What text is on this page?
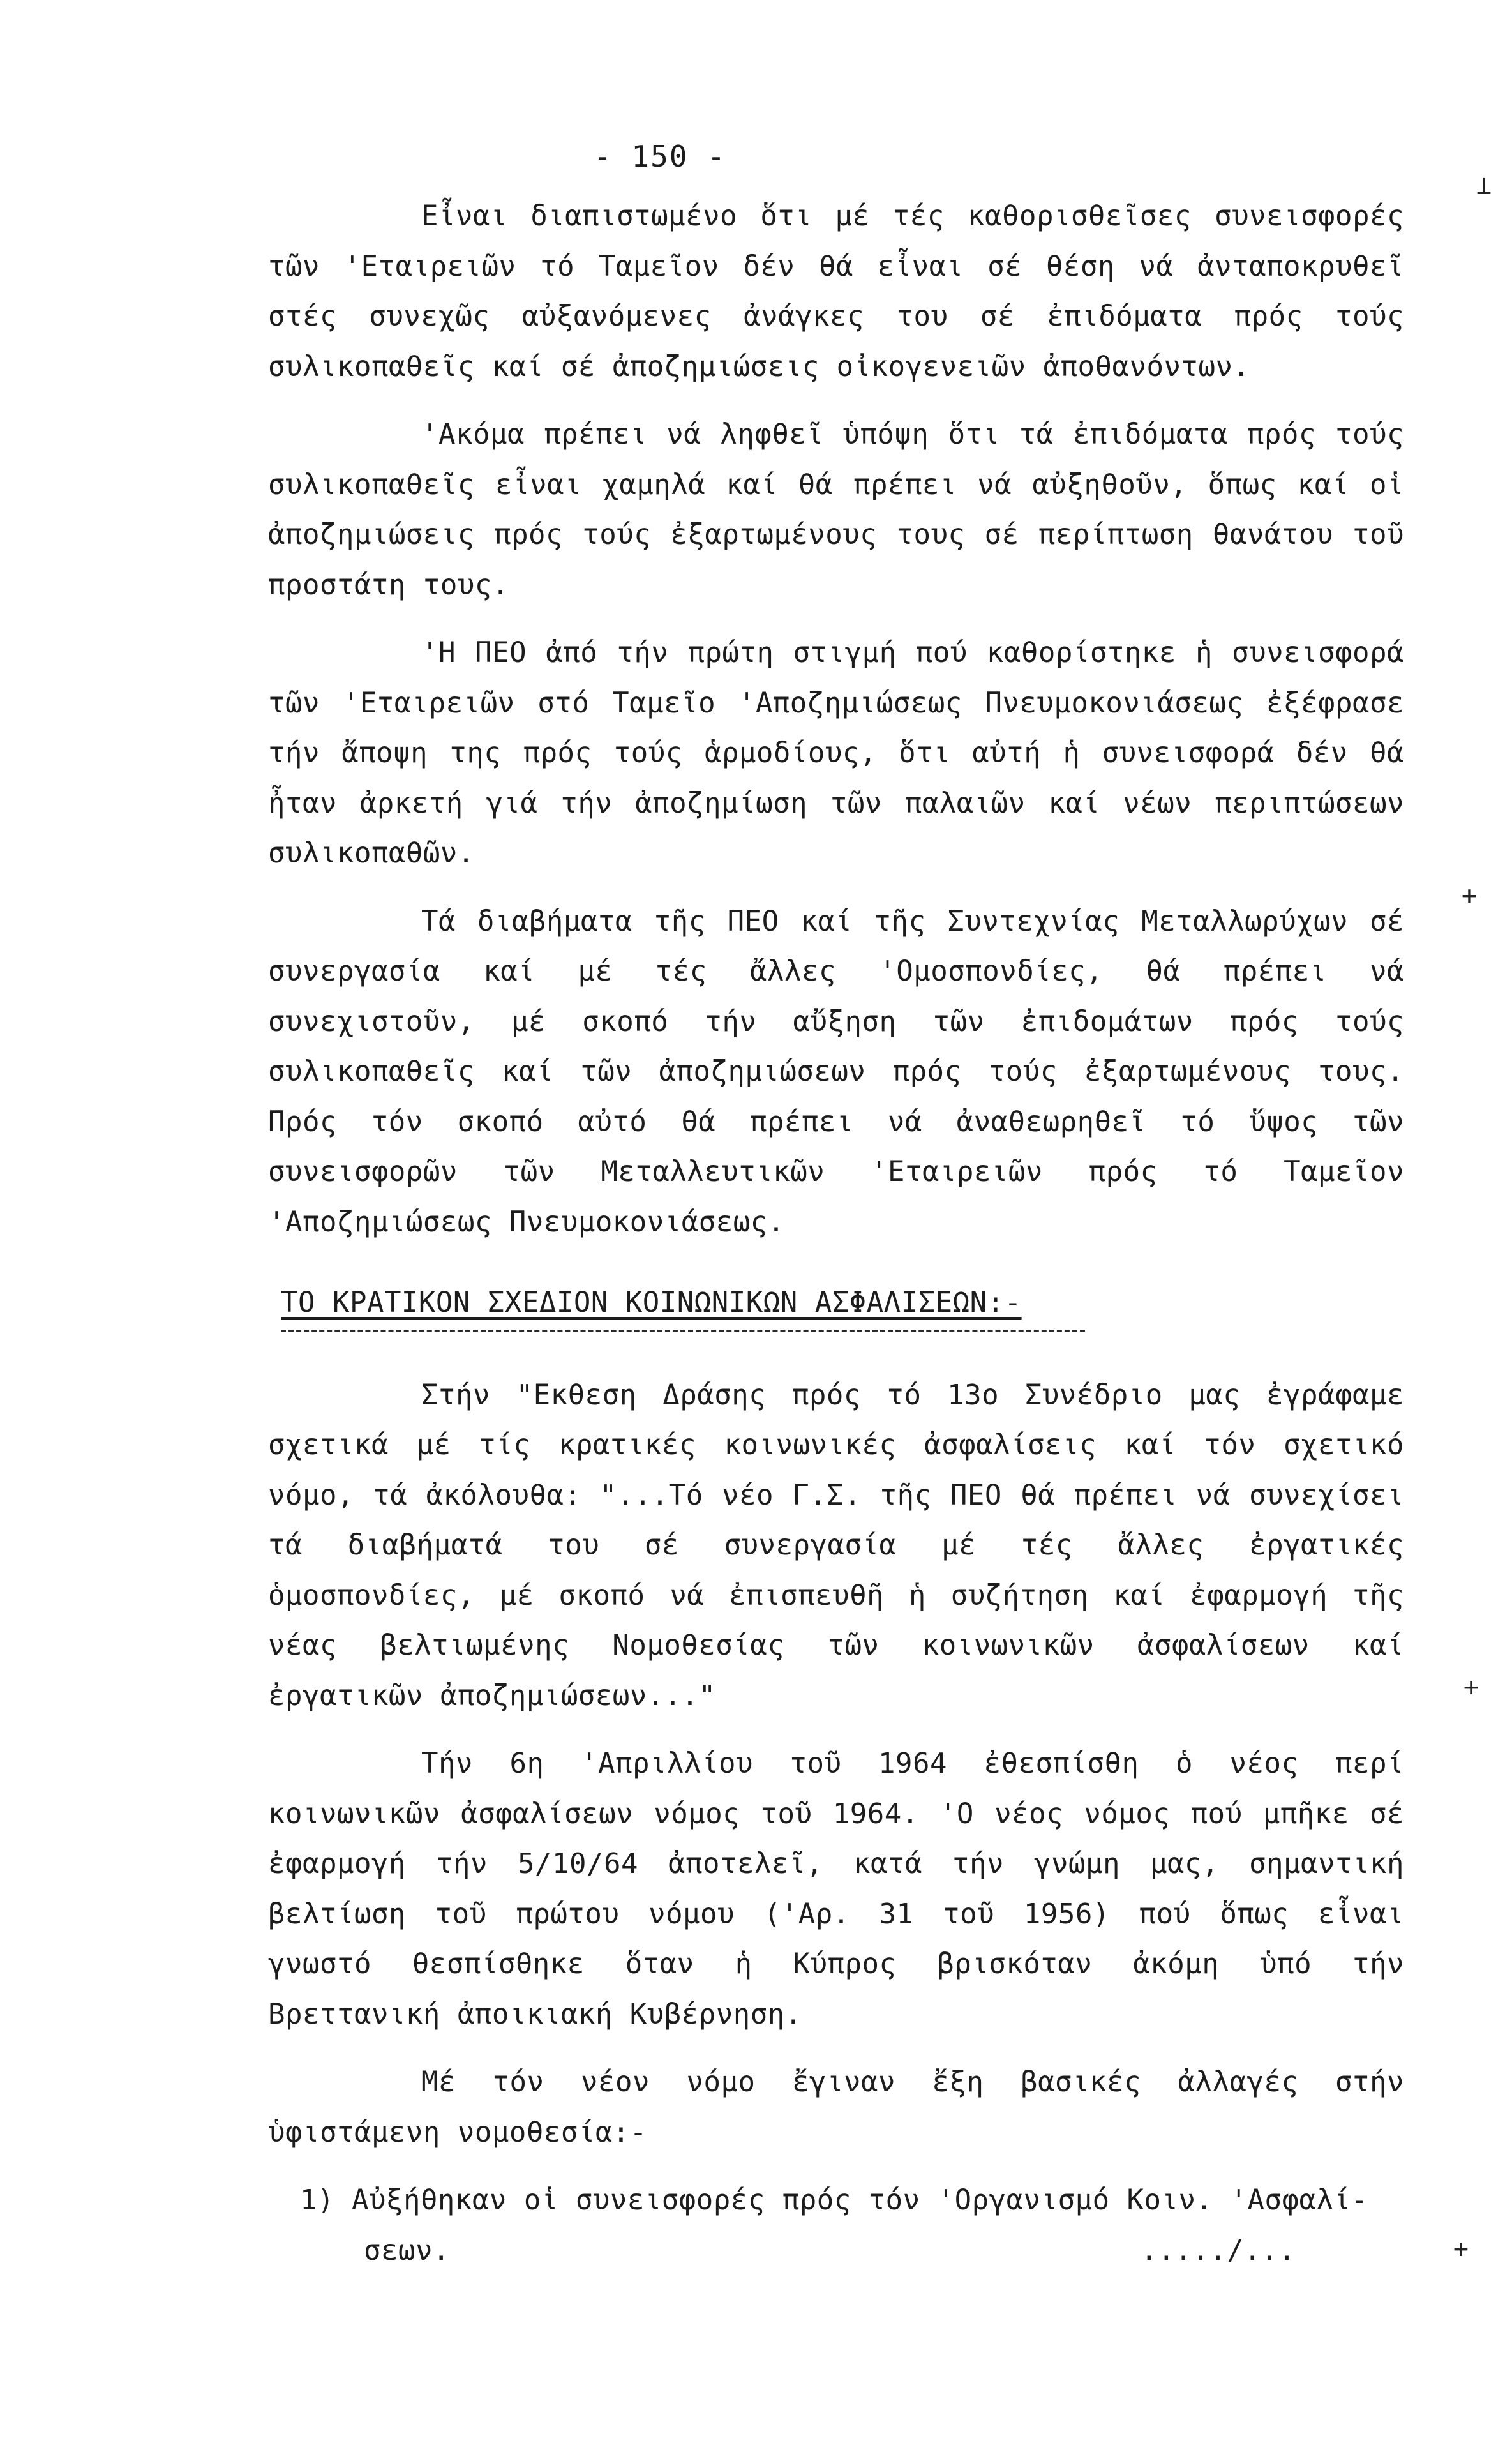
- 150 -
⊥
+
+
+

Εἶναι διαπιστωμένο ὅτι μέ τές καθορισθεῖσες συνεισφορές τῶν 'Εταιρειῶν τό Ταμεῖον δέν θά εἶναι σέ θέση νά ἀνταποκρυθεῖ στές συνεχῶς αὐξανόμενες ἀνάγκες του σέ ἐπιδόματα πρός τούς συλικοπαθεῖς καί σέ ἀποζημιώσεις οἰκογενειῶν ἀποθανόντων.

'Ακόμα πρέπει νά ληφθεῖ ὑπόψη ὅτι τά ἐπιδόματα πρός τούς συλικοπαθεῖς εἶναι χαμηλά καί θά πρέπει νά αὐξηθοῦν, ὅπως καί οἱ ἀποζημιώσεις πρός τούς ἐξαρτωμένους τους σέ περίπτωση θανάτου τοῦ προστάτη τους.

'Η ΠΕΟ ἀπό τήν πρώτη στιγμή πού καθορίστηκε ἡ συνεισφορά τῶν 'Εταιρειῶν στό Ταμεῖο 'Αποζημιώσεως Πνευμοκονιάσεως ἐξέφρασε τήν ἄποψη της πρός τούς ἁρμοδίους, ὅτι αὐτή ἡ συνεισφορά δέν θά ἦταν ἀρκετή γιά τήν ἀποζημίωση τῶν παλαιῶν καί νέων περιπτώσεων συλικοπαθῶν.

Τά διαβήματα τῆς ΠΕΟ καί τῆς Συντεχνίας Μεταλλωρύχων σέ συνεργασία καί μέ τές ἄλλες 'Ομοσπονδίες, θά πρέπει νά συνεχιστοῦν, μέ σκοπό τήν αὔξηση τῶν ἐπιδομάτων πρός τούς συλικοπαθεῖς καί τῶν ἀποζημιώσεων πρός τούς ἐξαρτωμένους τους. Πρός τόν σκοπό αὐτό θά πρέπει νά ἀναθεωρηθεῖ τό ὕψος τῶν συνεισφορῶν τῶν Μεταλλευτικῶν 'Εταιρειῶν πρός τό Ταμεῖον 'Αποζημιώσεως Πνευμοκονιάσεως.

ΤΟ ΚΡΑΤΙΚΟΝ ΣΧΕΔΙΟΝ ΚΟΙΝΩΝΙΚΩΝ ΑΣΦΑΛΙΣΕΩΝ:-

Στήν "Εκθεση Δράσης πρός τό 13ο Συνέδριο μας ἐγράφαμε σχετικά μέ τίς κρατικές κοινωνικές ἀσφαλίσεις καί τόν σχετικό νόμο, τά ἀκόλουθα: "...Τό νέο Γ.Σ. τῆς ΠΕΟ θά πρέπει νά συνεχίσει τά διαβήματά του σέ συνεργασία μέ τές ἄλλες ἐργατικές ὁμοσπονδίες, μέ σκοπό νά ἐπισπευθῆ ἡ συζήτηση καί ἐφαρμογή τῆς νέας βελτιωμένης Νομοθεσίας τῶν κοινωνικῶν ἀσφαλίσεων καί ἐργατικῶν ἀποζημιώσεων..."

Τήν 6η 'Απριλλίου τοῦ 1964 ἐθεσπίσθη ὁ νέος περί κοινωνικῶν ἀσφαλίσεων νόμος τοῦ 1964. 'Ο νέος νόμος πού μπῆκε σέ ἐφαρμογή τήν 5/10/64 ἀποτελεῖ, κατά τήν γνώμη μας, σημαντική βελτίωση τοῦ πρώτου νόμου ('Αρ. 31 τοῦ 1956) πού ὅπως εἶναι γνωστό θεσπίσθηκε ὅταν ἡ Κύπρος βρισκόταν ἀκόμη ὑπό τήν Βρεττανική ἀποικιακή Κυβέρνηση.

Μέ τόν νέον νόμο ἔγιναν ἔξη βασικές ἀλλαγές στήν ὑφιστάμενη νομοθεσία:-

1) Αὐξήθηκαν οἱ συνεισφορές πρός τόν 'Οργανισμό Κοιν. 'Ασφαλί-
σεων.	...../...
